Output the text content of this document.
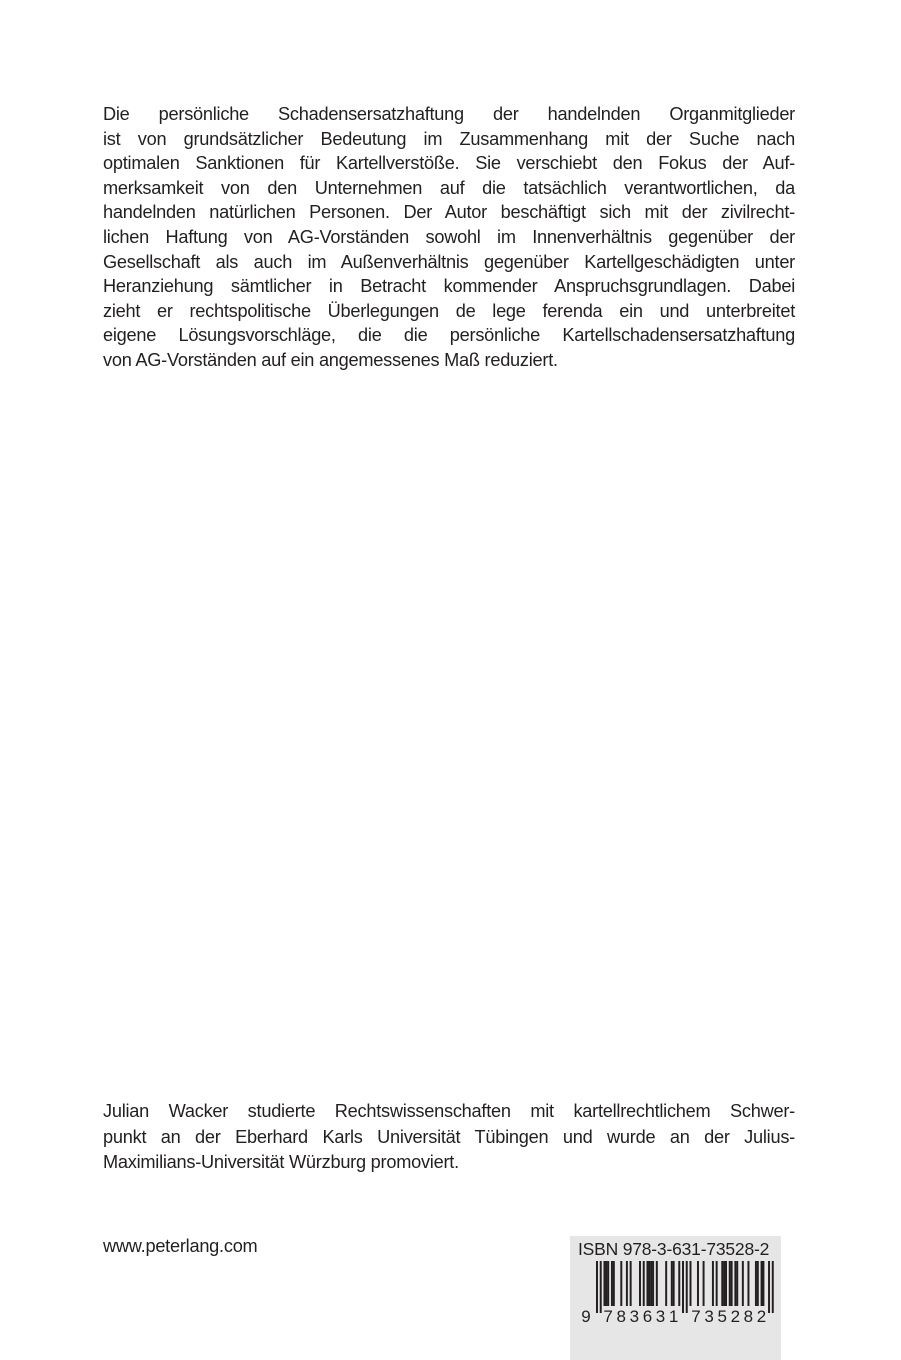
Die persönliche Schadensersatzhaftung der handelnden Organmitglieder
ist von grundsätzlicher Bedeutung im Zusammenhang mit der Suche nach
optimalen Sanktionen für Kartellverstöße. Sie verschiebt den Fokus der Auf-
merksamkeit von den Unternehmen auf die tatsächlich verantwortlichen, da
handelnden natürlichen Personen. Der Autor beschäftigt sich mit der zivilrecht-
lichen Haftung von AG-Vorständen sowohl im Innenverhältnis gegenüber der
Gesellschaft als auch im Außenverhältnis gegenüber Kartellgeschädigten unter
Heranziehung sämtlicher in Betracht kommender Anspruchsgrundlagen. Dabei
zieht er rechtspolitische Überlegungen de lege ferenda ein und unterbreitet
eigene Lösungsvorschläge, die die persönliche Kartellschadensersatzhaftung
von AG-Vorständen auf ein angemessenes Maß reduziert.
Julian Wacker studierte Rechtswissenschaften mit kartellrechtlichem Schwer-
punkt an der Eberhard Karls Universität Tübingen und wurde an der Julius-
Maximilians-Universität Würzburg promoviert.
www.peterlang.com	ISBN 978-3-631-73528-2
9 7 8 3 6 3 1 7 3 5 2 8 2
